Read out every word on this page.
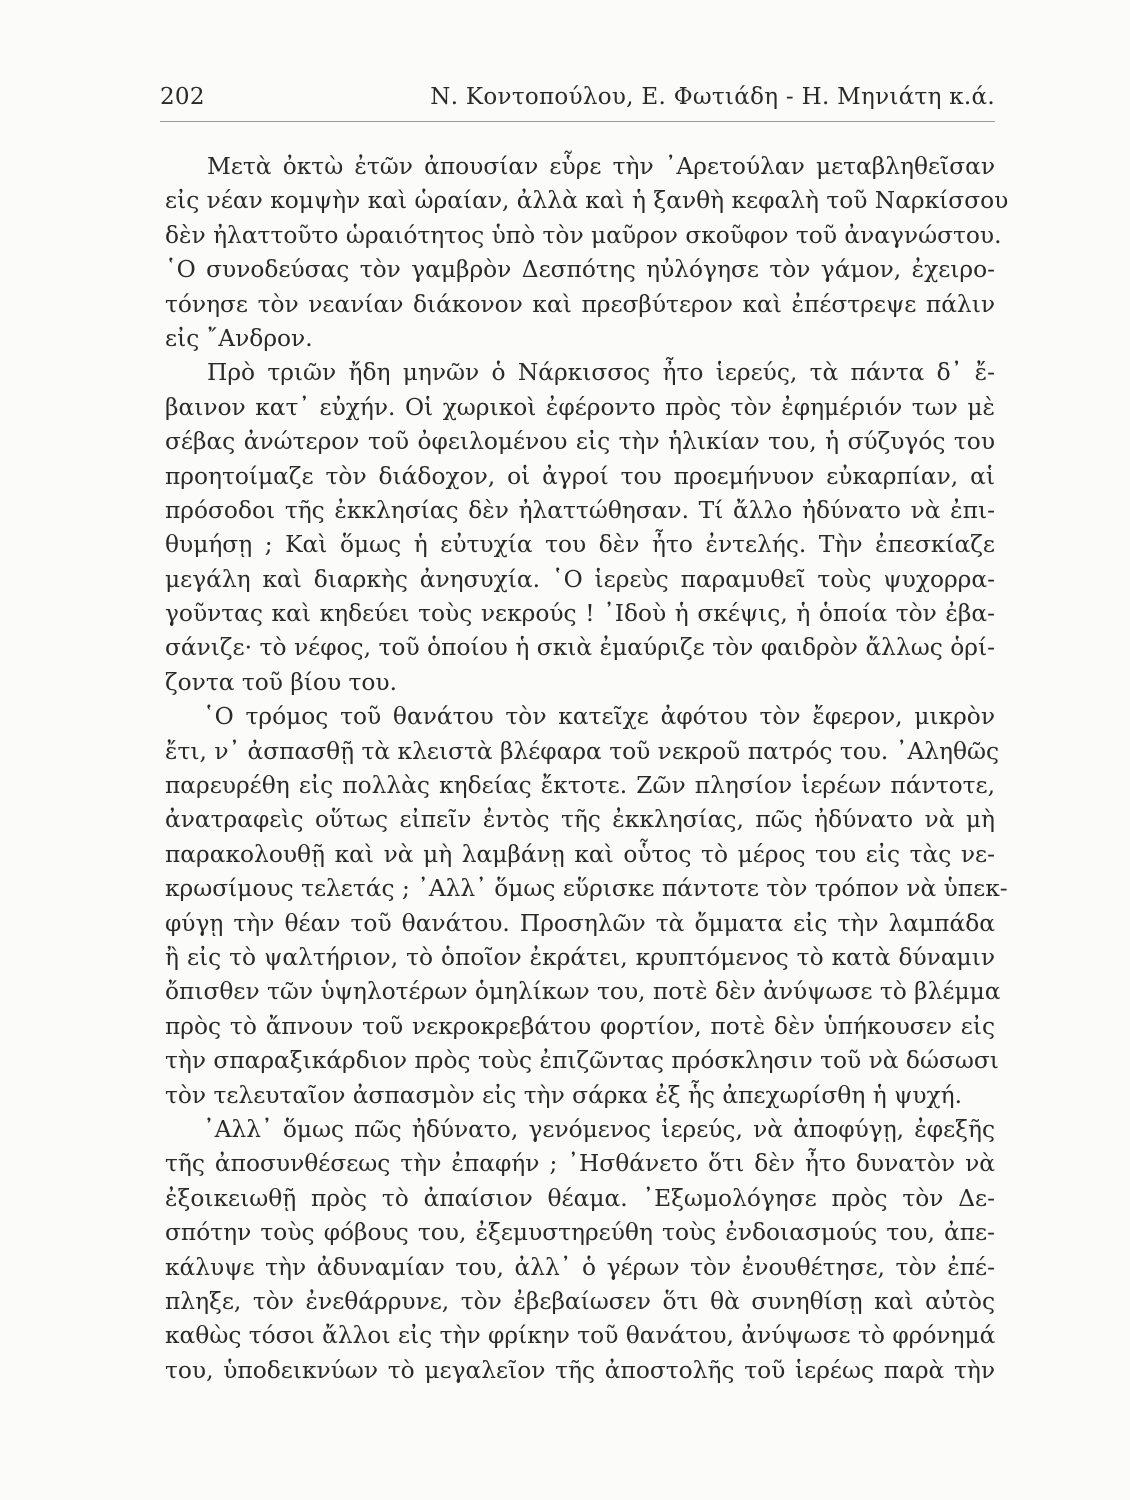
202	Ν. Κοντοπούλου, Ε. Φωτιάδη - Η. Μηνιάτη κ.ά.
Μετὰ ὀκτὼ ἐτῶν ἀπουσίαν εὗρε τὴν ᾿Αρετούλαν μεταβληθεῖσαν
εἰς νέαν κομψὴν καὶ ὡραίαν, ἀλλὰ καὶ ἡ ξανθὴ κεφαλὴ τοῦ Ναρκίσσου
δὲν ἠλαττοῦτο ὡραιότητος ὑπὸ τὸν μαῦρον σκοῦφον τοῦ ἀναγνώστου.
῾Ο συνοδεύσας τὸν γαμβρὸν Δεσπότης ηὐλόγησε τὸν γάμον, ἐχειρο-
τόνησε τὸν νεανίαν διάκονον καὶ πρεσβύτερον καὶ ἐπέστρεψε πάλιν
εἰς ῎Ανδρον.
Πρὸ τριῶν ἤδη μηνῶν ὁ Νάρκισσος ἦτο ἱερεύς, τὰ πάντα δ᾿ ἔ-
βαινον κατ᾿ εὐχήν. Οἱ χωρικοὶ ἐφέροντο πρὸς τὸν ἐφημέριόν των μὲ
σέβας ἀνώτερον τοῦ ὀφειλομένου εἰς τὴν ἡλικίαν του, ἡ σύζυγός του
προητοίμαζε τὸν διάδοχον, οἱ ἀγροί του προεμήνυον εὐκαρπίαν, αἱ
πρόσοδοι τῆς ἐκκλησίας δὲν ἠλαττώθησαν. Τί ἄλλο ἠδύνατο νὰ ἐπι-
θυμήσῃ ; Καὶ ὅμως ἡ εὐτυχία του δὲν ἦτο ἐντελής. Τὴν ἐπεσκίαζε
μεγάλη καὶ διαρκὴς ἀνησυχία. ῾Ο ἱερεὺς παραμυθεῖ τοὺς ψυχορρα-
γοῦντας καὶ κηδεύει τοὺς νεκρούς ! ᾿Ιδοὺ ἡ σκέψις, ἡ ὁποία τὸν ἐβα-
σάνιζε· τὸ νέφος, τοῦ ὁποίου ἡ σκιὰ ἐμαύριζε τὸν φαιδρὸν ἄλλως ὁρί-
ζοντα τοῦ βίου του.
῾Ο τρόμος τοῦ θανάτου τὸν κατεῖχε ἀφότου τὸν ἔφερον, μικρὸν
ἔτι, ν᾿ ἀσπασθῇ τὰ κλειστὰ βλέφαρα τοῦ νεκροῦ πατρός του. ᾿Αληθῶς
παρευρέθη εἰς πολλὰς κηδείας ἔκτοτε. Ζῶν πλησίον ἱερέων πάντοτε,
ἀνατραφεὶς οὕτως εἰπεῖν ἐντὸς τῆς ἐκκλησίας, πῶς ἠδύνατο νὰ μὴ
παρακολουθῇ καὶ νὰ μὴ λαμβάνῃ καὶ οὗτος τὸ μέρος του εἰς τὰς νε-
κρωσίμους τελετάς ; ᾿Αλλ᾿ ὅμως εὕρισκε πάντοτε τὸν τρόπον νὰ ὑπεκ-
φύγῃ τὴν θέαν τοῦ θανάτου. Προσηλῶν τὰ ὄμματα εἰς τὴν λαμπάδα
ἢ εἰς τὸ ψαλτήριον, τὸ ὁποῖον ἐκράτει, κρυπτόμενος τὸ κατὰ δύναμιν
ὄπισθεν τῶν ὑψηλοτέρων ὁμηλίκων του, ποτὲ δὲν ἀνύψωσε τὸ βλέμμα
πρὸς τὸ ἄπνουν τοῦ νεκροκρεβάτου φορτίον, ποτὲ δὲν ὑπήκουσεν εἰς
τὴν σπαραξικάρδιον πρὸς τοὺς ἐπιζῶντας πρόσκλησιν τοῦ νὰ δώσωσι
τὸν τελευταῖον ἀσπασμὸν εἰς τὴν σάρκα ἐξ ἧς ἀπεχωρίσθη ἡ ψυχή.
᾿Αλλ᾿ ὅμως πῶς ἠδύνατο, γενόμενος ἱερεύς, νὰ ἀποφύγῃ, ἐφεξῆς
τῆς ἀποσυνθέσεως τὴν ἐπαφήν ; ᾿Ησθάνετο ὅτι δὲν ἦτο δυνατὸν νὰ
ἐξοικειωθῇ πρὸς τὸ ἀπαίσιον θέαμα. ᾿Εξωμολόγησε πρὸς τὸν Δε-
σπότην τοὺς φόβους του, ἐξεμυστηρεύθη τοὺς ἐνδοιασμούς του, ἀπε-
κάλυψε τὴν ἀδυναμίαν του, ἀλλ᾿ ὁ γέρων τὸν ἐνουθέτησε, τὸν ἐπέ-
πληξε, τὸν ἐνεθάρρυνε, τὸν ἐβεβαίωσεν ὅτι θὰ συνηθίσῃ καὶ αὐτὸς
καθὼς τόσοι ἄλλοι εἰς τὴν φρίκην τοῦ θανάτου, ἀνύψωσε τὸ φρόνημά
του, ὑποδεικνύων τὸ μεγαλεῖον τῆς ἀποστολῆς τοῦ ἱερέως παρὰ τὴν
